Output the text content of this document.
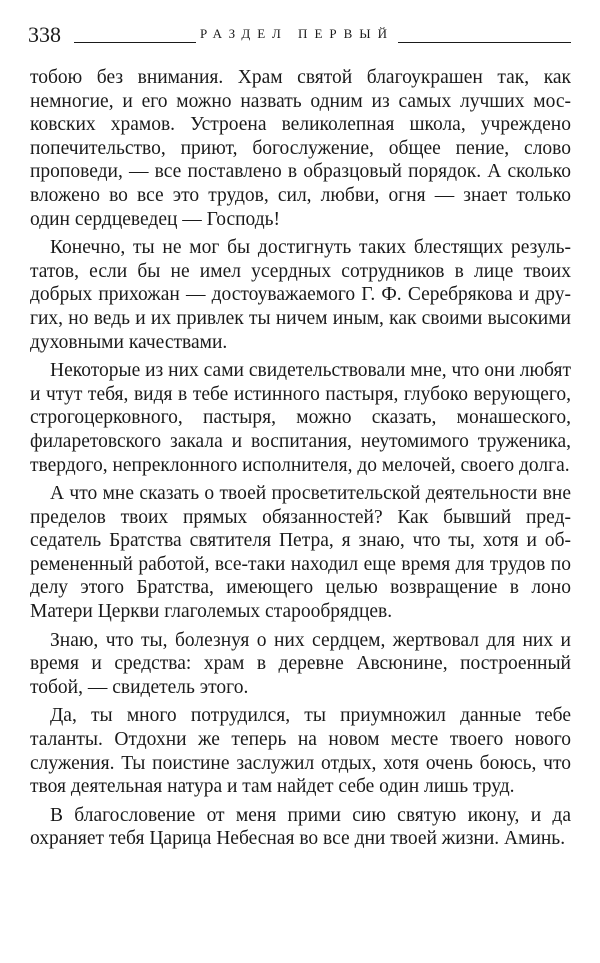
338	РАЗДЕЛ ПЕРВЫЙ

тобою без внимания. Храм святой благоукрашен так, как немногие, и его можно назвать одним из самых лучших московских храмов. Устроена великолепная школа, учреждено попечительство, приют, богослужение, общее пение, слово проповеди, — все поставлено в образцовый порядок. А сколько вложено во все это трудов, сил, любви, огня — знает только один сердцеведец — Господь!

Конечно, ты не мог бы достигнуть таких блестящих результатов, если бы не имел усердных сотрудников в лице твоих добрых прихожан — достоуважаемого Г. Ф. Серебрякова и других, но ведь и их привлек ты ничем иным, как своими высокими духовными качествами.

Некоторые из них сами свидетельствовали мне, что они любят и чтут тебя, видя в тебе истинного пастыря, глубоко верующего, строгоцерковного, пастыря, можно сказать, монашеского, филаретовского закала и воспитания, неутомимого труженика, твердого, непреклонного исполнителя, до мелочей, своего долга.

А что мне сказать о твоей просветительской деятельности вне пределов твоих прямых обязанностей? Как бывший председатель Братства святителя Петра, я знаю, что ты, хотя и обремененный работой, все-таки находил еще время для трудов по делу этого Братства, имеющего целью возвращение в лоно Матери Церкви глаголемых старообрядцев.

Знаю, что ты, болезнуя о них сердцем, жертвовал для них и время и средства: храм в деревне Авсюнине, построенный тобой, — свидетель этого.

Да, ты много потрудился, ты приумножил данные тебе таланты. Отдохни же теперь на новом месте твоего нового служения. Ты поистине заслужил отдых, хотя очень боюсь, что твоя деятельная натура и там найдет себе один лишь труд.

В благословение от меня прими сию святую икону, и да охраняет тебя Царица Небесная во все дни твоей жизни. Аминь.
